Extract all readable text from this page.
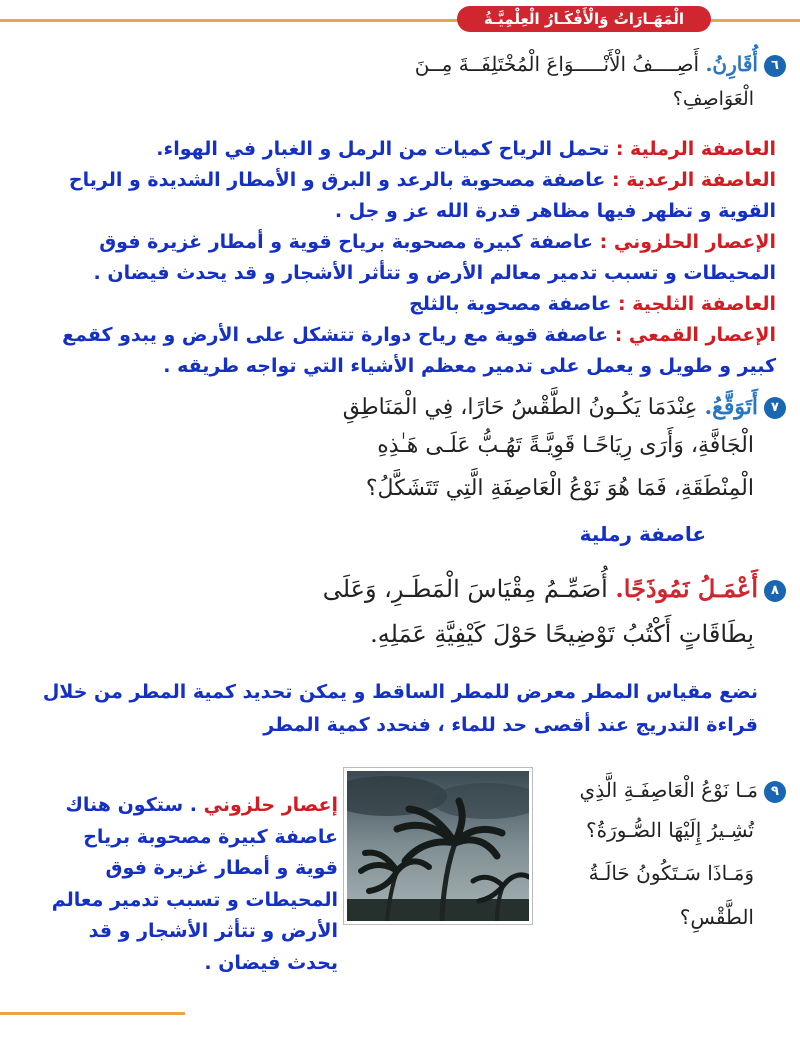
الْمَهَـارَاتُ وَالْأَفْكَـارُ الْعِلْمِيَّـةُ
٦أُقَارِنُ. أَصِــــفُ الْأَنْـــــوَاعَ الْمُخْتَلِفَــةَ مِــنَ
الْعَوَاصِفِ؟
العاصفة الرملية : تحمل الرياح كميات من الرمل و الغبار في الهواء.
العاصفة الرعدية : عاصفة مصحوبة بالرعد و البرق و الأمطار الشديدة و الرياح
القوية و تظهر فيها مظاهر قدرة الله عز و جل .
الإعصار الحلزوني : عاصفة كبيرة مصحوبة برياح قوية و أمطار غزيرة فوق
المحيطات و تسبب تدمير معالم الأرض و تتأثر الأشجار و قد يحدث فيضان .
العاصفة الثلجية : عاصفة مصحوبة بالثلج
الإعصار القمعي : عاصفة قوية مع رياح دوارة تتشكل على الأرض و يبدو كقمع
كبير و طويل و يعمل على تدمير معظم الأشياء التي تواجه طريقه .
٧أَتَوَقَّعُ. عِنْدَمَا يَكُـونُ الطَّقْسُ حَارًا، فِي الْمَنَاطِقِ
الْجَافَّةِ، وَأَرَى رِيَاحًـا قَوِيَّـةً تَهُـبُّ عَلَـى هَـٰذِهِ
الْمِنْطَقَةِ، فَمَا هُوَ نَوْعُ الْعَاصِفَةِ الَّتِي تَتَشَكَّلُ؟
عاصفة رملية
٨أَعْمَـلُ نَمُوذَجًا. أُصَمِّـمُ مِقْيَاسَ الْمَطَـرِ، وَعَلَى
بِطَاقَاتٍ أَكْتُبُ تَوْضِيحًا حَوْلَ كَيْفِيَّةِ عَمَلِهِ.
نضع مقياس المطر معرض للمطر الساقط و يمكن تحديد كمية المطر من خلال
قراءة التدريج عند أقصى حد للماء ، فنحدد كمية المطر
٩مَـا نَوْعُ الْعَاصِفَـةِ الَّذِي
تُشِـيرُ إِلَيْهَا الصُّـورَةُ؟
وَمَـاذَا سَـتَكُونُ حَالَـةُ
الطَّقْسِ؟
إعصار حلزوني . ستكون هناك
عاصفة كبيرة مصحوبة برياح
قوية و أمطار غزيرة فوق
المحيطات و تسبب تدمير معالم
الأرض و تتأثر الأشجار و قد
يحدث فيضان .
